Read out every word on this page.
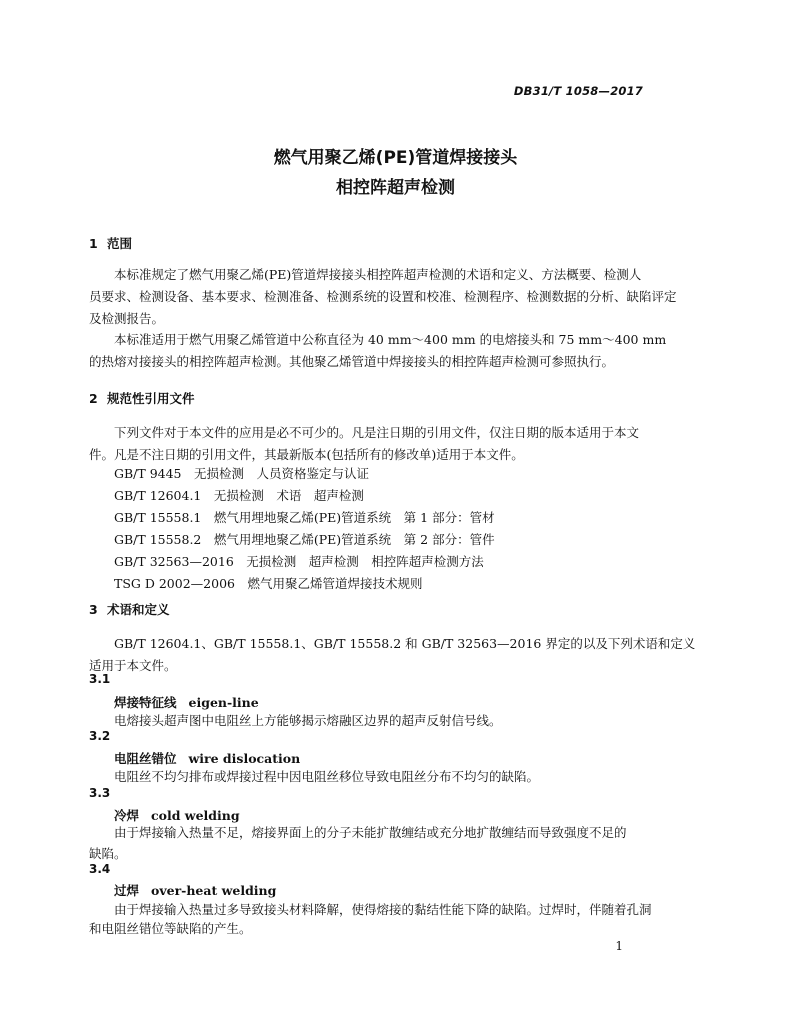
DB31/T 1058—2017
燃气用聚乙烯(PE)管道焊接接头
相控阵超声检测
1 范围
本标准规定了燃气用聚乙烯(PE)管道焊接接头相控阵超声检测的术语和定义、方法概要、检测人
员要求、检测设备、基本要求、检测准备、检测系统的设置和校准、检测程序、检测数据的分析、缺陷评定
及检测报告。
本标准适用于燃气用聚乙烯管道中公称直径为 40 mm～400 mm 的电熔接头和 75 mm～400 mm
的热熔对接接头的相控阵超声检测。其他聚乙烯管道中焊接接头的相控阵超声检测可参照执行。
2 规范性引用文件
下列文件对于本文件的应用是必不可少的。凡是注日期的引用文件，仅注日期的版本适用于本文
件。凡是不注日期的引用文件，其最新版本(包括所有的修改单)适用于本文件。
GB/T 9445　无损检测　人员资格鉴定与认证
GB/T 12604.1　无损检测　术语　超声检测
GB/T 15558.1　燃气用埋地聚乙烯(PE)管道系统　第 1 部分：管材
GB/T 15558.2　燃气用埋地聚乙烯(PE)管道系统　第 2 部分：管件
GB/T 32563—2016　无损检测　超声检测　相控阵超声检测方法
TSG D 2002—2006　燃气用聚乙烯管道焊接技术规则
3 术语和定义
GB/T 12604.1、GB/T 15558.1、GB/T 15558.2 和 GB/T 32563—2016 界定的以及下列术语和定义
适用于本文件。
3.1
焊接特征线 eigen-line
电熔接头超声图中电阻丝上方能够揭示熔融区边界的超声反射信号线。
3.2
电阻丝错位 wire dislocation
电阻丝不均匀排布或焊接过程中因电阻丝移位导致电阻丝分布不均匀的缺陷。
3.3
冷焊 cold welding
由于焊接输入热量不足，熔接界面上的分子未能扩散缠结或充分地扩散缠结而导致强度不足的
缺陷。
3.4
过焊 over-heat welding
由于焊接输入热量过多导致接头材料降解，使得熔接的黏结性能下降的缺陷。过焊时，伴随着孔洞
和电阻丝错位等缺陷的产生。
1
